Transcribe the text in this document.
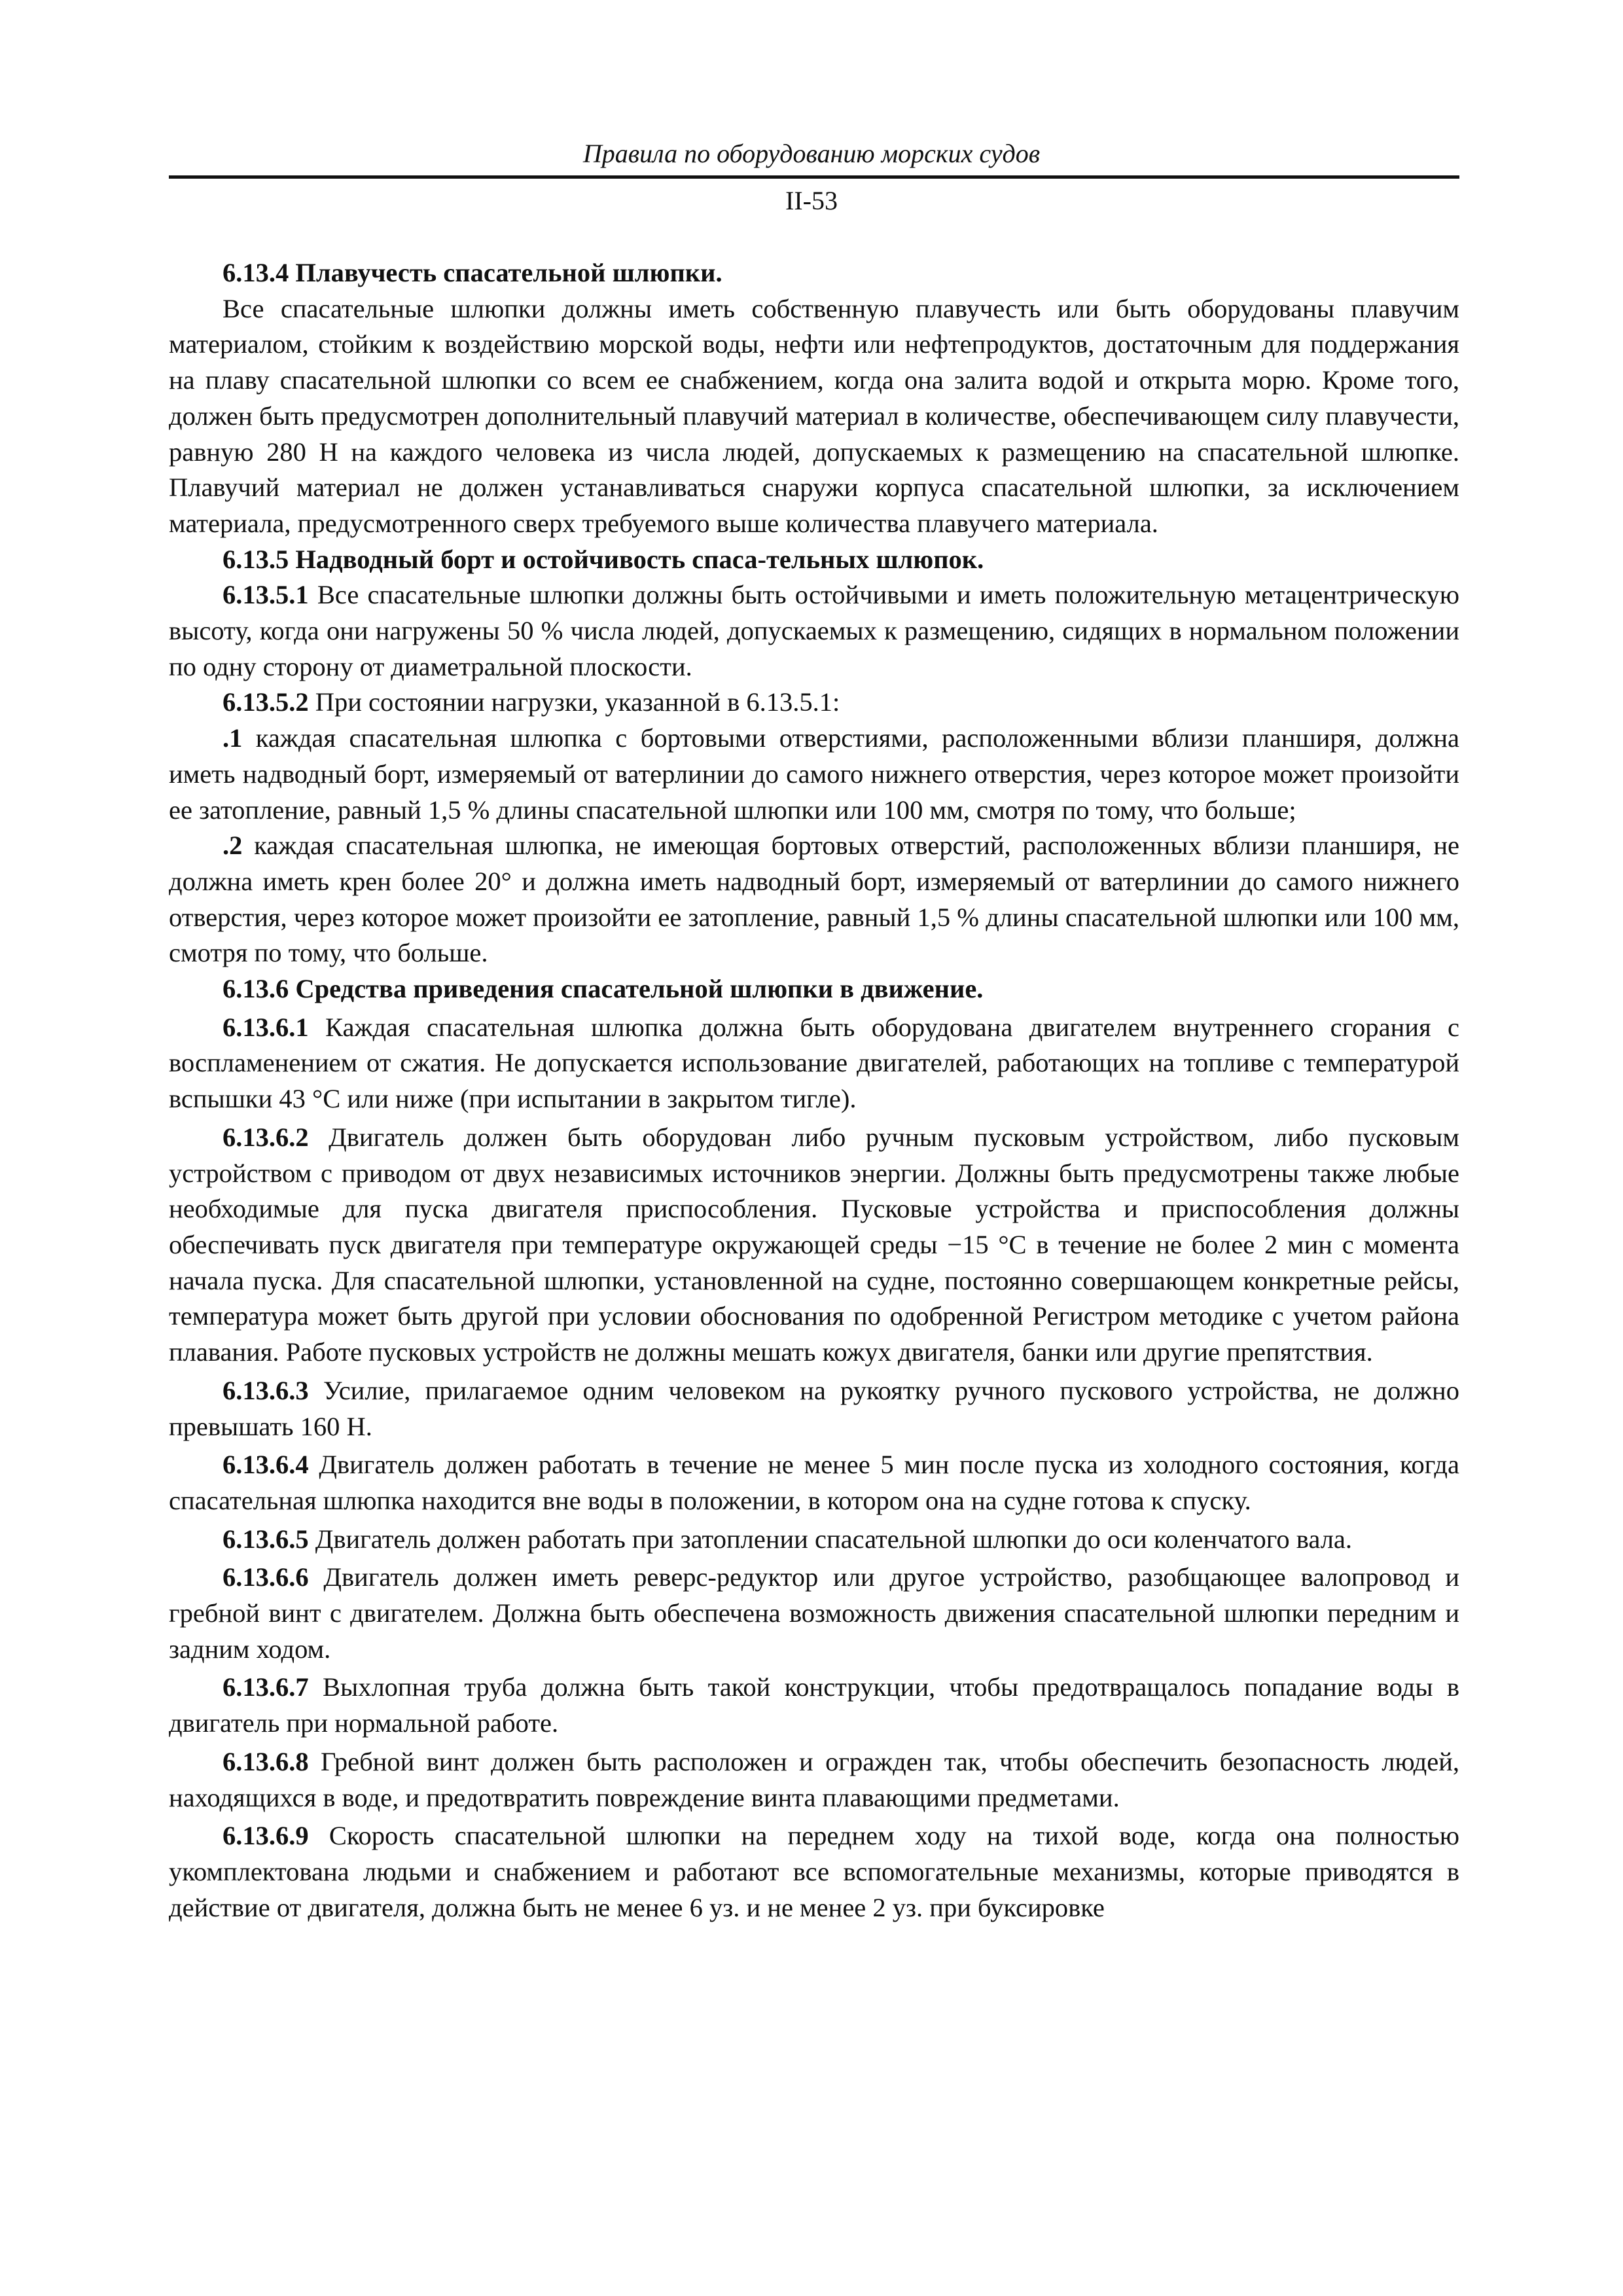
Правила по оборудованию морских судов
II-53

6.13.4 Плавучесть спасательной шлюпки.

Все спасательные шлюпки должны иметь собственную плавучесть или быть оборудованы плавучим материалом, стойким к воздействию морской воды, нефти или нефтепродуктов, достаточным для поддержания на плаву спасательной шлюпки со всем ее снабжением, когда она залита водой и открыта морю. Кроме того, должен быть предусмотрен дополнительный плавучий материал в количестве, обеспечивающем силу плавучести, равную 280 Н на каждого человека из числа людей, допускаемых к размещению на спасательной шлюпке. Плавучий материал не должен устанавливаться снаружи корпуса спасательной шлюпки, за исключением материала, предусмотренного сверх требуемого выше количества плавучего материала.

6.13.5 Надводный борт и остойчивость спаса-тельных шлюпок.

6.13.5.1 Все спасательные шлюпки должны быть остойчивыми и иметь положительную метацентрическую высоту, когда они нагружены 50 % числа людей, допускаемых к размещению, сидящих в нормальном положении по одну сторону от диаметральной плоскости.

6.13.5.2 При состоянии нагрузки, указанной в 6.13.5.1:

.1 каждая спасательная шлюпка с бортовыми отверстиями, расположенными вблизи планширя, должна иметь надводный борт, измеряемый от ватерлинии до самого нижнего отверстия, через которое может произойти ее затопление, равный 1,5 % длины спасательной шлюпки или 100 мм, смотря по тому, что больше;

.2 каждая спасательная шлюпка, не имеющая бортовых отверстий, расположенных вблизи планширя, не должна иметь крен более 20° и должна иметь надводный борт, измеряемый от ватерлинии до самого нижнего отверстия, через которое может произойти ее затопление, равный 1,5 % длины спасательной шлюпки или 100 мм, смотря по тому, что больше.

6.13.6 Средства приведения спасательной шлюпки в движение.

6.13.6.1 Каждая спасательная шлюпка должна быть оборудована двигателем внутреннего сгорания с воспламенением от сжатия. Не допускается использование двигателей, работающих на топливе с температурой вспышки 43 °С или ниже (при испытании в закрытом тигле).

6.13.6.2 Двигатель должен быть оборудован либо ручным пусковым устройством, либо пусковым устройством с приводом от двух независимых источников энергии. Должны быть предусмотрены также любые необходимые для пуска двигателя приспособления. Пусковые устройства и приспособления должны обеспечивать пуск двигателя при температуре окружающей среды −15 °С в течение не более 2 мин с момента начала пуска. Для спасательной шлюпки, установленной на судне, постоянно совершающем конкретные рейсы, температура может быть другой при условии обоснования по одобренной Регистром методике с учетом района плавания. Работе пусковых устройств не должны мешать кожух двигателя, банки или другие препятствия.

6.13.6.3 Усилие, прилагаемое одним человеком на рукоятку ручного пускового устройства, не должно превышать 160 Н.

6.13.6.4 Двигатель должен работать в течение не менее 5 мин после пуска из холодного состояния, когда спасательная шлюпка находится вне воды в положении, в котором она на судне готова к спуску.

6.13.6.5 Двигатель должен работать при затоплении спасательной шлюпки до оси коленчатого вала.

6.13.6.6 Двигатель должен иметь реверс-редуктор или другое устройство, разобщающее валопровод и гребной винт с двигателем. Должна быть обеспечена возможность движения спасательной шлюпки передним и задним ходом.

6.13.6.7 Выхлопная труба должна быть такой конструкции, чтобы предотвращалось попадание воды в двигатель при нормальной работе.

6.13.6.8 Гребной винт должен быть расположен и огражден так, чтобы обеспечить безопасность людей, находящихся в воде, и предотвратить повреждение винта плавающими предметами.

6.13.6.9 Скорость спасательной шлюпки на переднем ходу на тихой воде, когда она полностью укомплектована людьми и снабжением и работают все вспомогательные механизмы, которые приводятся в действие от двигателя, должна быть не менее 6 уз. и не менее 2 уз. при буксировке
